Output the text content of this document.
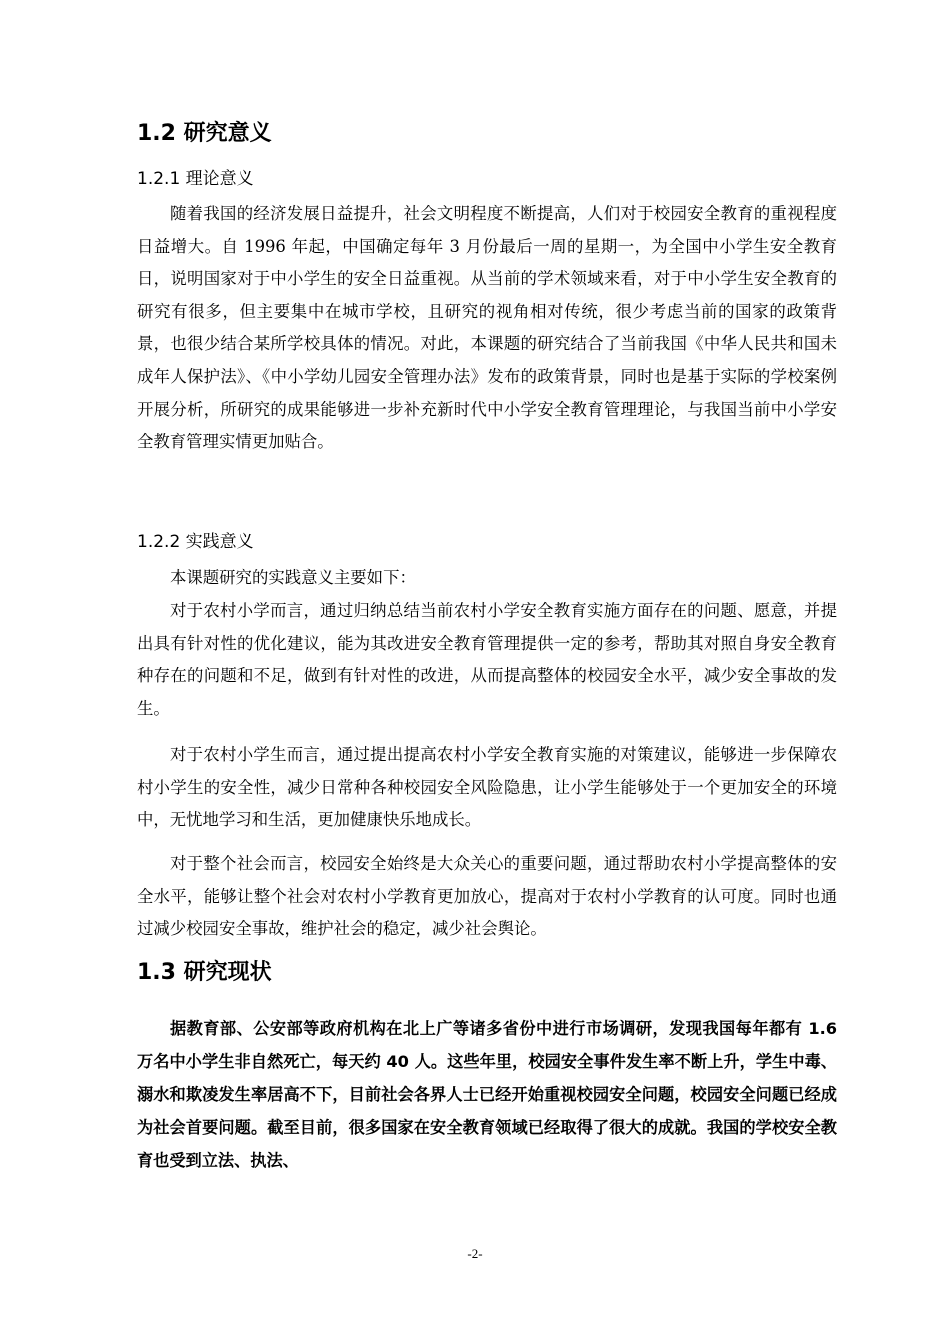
1.2 研究意义
1.2.1 理论意义

随着我国的经济发展日益提升，社会文明程度不断提高，人们对于校园安全教育的重视程度日益增大。自 1996 年起，中国确定每年 3 月份最后一周的星期一，为全国中小学生安全教育日，说明国家对于中小学生的安全日益重视。从当前的学术领域来看，对于中小学生安全教育的研究有很多，但主要集中在城市学校，且研究的视角相对传统，很少考虑当前的国家的政策背景，也很少结合某所学校具体的情况。对此，本课题的研究结合了当前我国《中华人民共和国未成年人保护法》、《中小学幼儿园安全管理办法》发布的政策背景，同时也是基于实际的学校案例开展分析，所研究的成果能够进一步补充新时代中小学安全教育管理理论，与我国当前中小学安全教育管理实情更加贴合。

1.2.2 实践意义

本课题研究的实践意义主要如下：

对于农村小学而言，通过归纳总结当前农村小学安全教育实施方面存在的问题、愿意，并提出具有针对性的优化建议，能为其改进安全教育管理提供一定的参考，帮助其对照自身安全教育种存在的问题和不足，做到有针对性的改进，从而提高整体的校园安全水平，减少安全事故的发生。

对于农村小学生而言，通过提出提高农村小学安全教育实施的对策建议，能够进一步保障农村小学生的安全性，减少日常种各种校园安全风险隐患，让小学生能够处于一个更加安全的环境中，无忧地学习和生活，更加健康快乐地成长。

对于整个社会而言，校园安全始终是大众关心的重要问题，通过帮助农村小学提高整体的安全水平，能够让整个社会对农村小学教育更加放心，提高对于农村小学教育的认可度。同时也通过减少校园安全事故，维护社会的稳定，减少社会舆论。

1.3 研究现状

据教育部、公安部等政府机构在北上广等诸多省份中进行市场调研，发现我国每年都有 1.6 万名中小学生非自然死亡，每天约 40 人。这些年里，校园安全事件发生率不断上升，学生中毒、溺水和欺凌发生率居高不下，目前社会各界人士已经开始重视校园安全问题，校园安全问题已经成为社会首要问题。截至目前，很多国家在安全教育领域已经取得了很大的成就。我国的学校安全教育也受到立法、执法、

-2-
